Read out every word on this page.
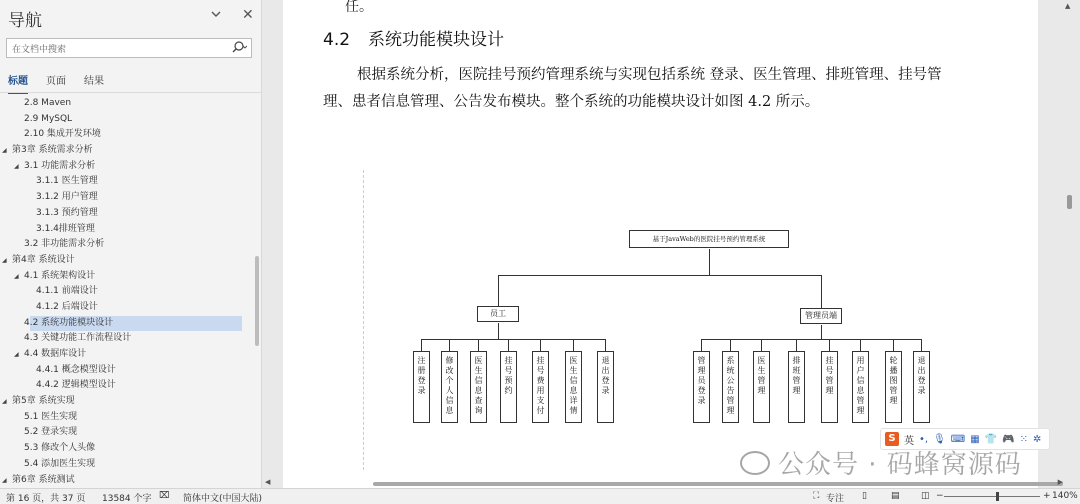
导航	✕
在文档中搜索
标题 页面 结果
2.8 Maven
2.9 MySQL
2.10 集成开发环境
◢ 第3章 系统需求分析
◢ 3.1 功能需求分析
3.1.1 医生管理
3.1.2 用户管理
3.1.3 预约管理
3.1.4排班管理
3.2 非功能需求分析
◢ 第4章 系统设计
◢ 4.1 系统架构设计
4.1.1 前端设计
4.1.2 后端设计
4.2 系统功能模块设计
4.3 关键功能工作流程设计
◢ 4.4 数据库设计
4.4.1 概念模型设计
4.4.2 逻辑模型设计
◢ 第5章 系统实现
5.1 医生实现
5.2 登录实现
5.3 修改个人头像
5.4 添加医生实现
◢ 第6章 系统测试
任。
4.2 系统功能模块设计
根据系统分析，医院挂号预约管理系统与实现包括系统 登录、医生管理、排班管理、挂号管理、患者信息管理、公告发布模块。整个系统的功能模块设计如图 4.2 所示。
基于JavaWeb的医院挂号预约管理系统
员工	管理员端
注册登录
修改个人信息
医生信息查询
挂号预约
挂号费用支付
医生信息详情
退出登录
管理员登录
系统公告管理
医生管理
排班管理
挂号管理
用户信息管理
轮播图管理
退出登录
▲
◀	▶
S 英 •, 🎙 ⌨ ▦ 👕 🎮 ⁙ ✲
公众号 · 码蜂窝源码
第 16 页，共 37 页 13584 个字 ⌧ 简体中文(中国大陆)	⛶ 专注 ▯	▤ ◫ −	+ 140%
